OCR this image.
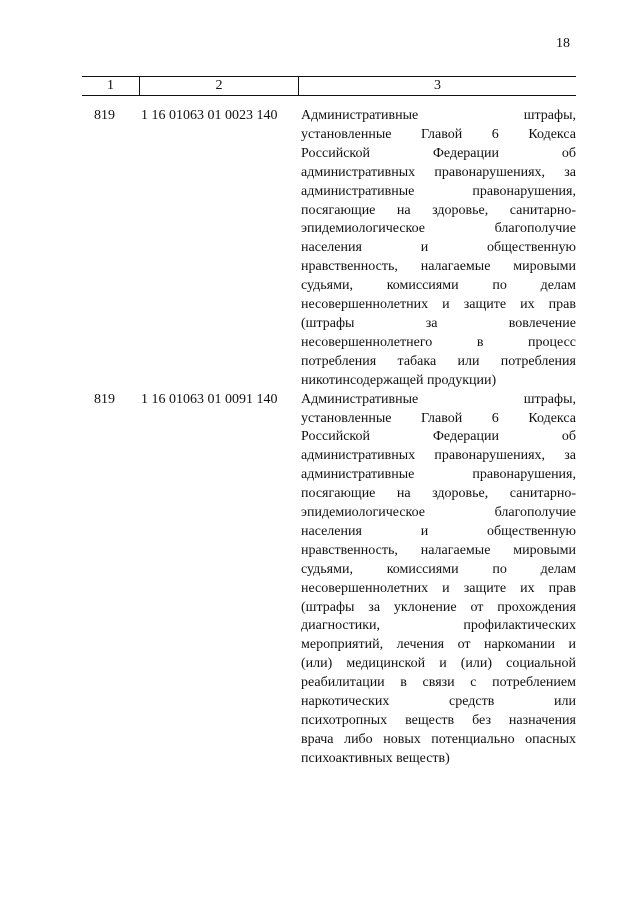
18
1	2	3
819	1 16 01063 01 0023 140	Административные штрафы,
установленные Главой 6 Кодекса
Российской Федерации об
административных правонарушениях, за
административные правонарушения,
посягающие на здоровье, санитарно-
эпидемиологическое благополучие
населения и общественную
нравственность, налагаемые мировыми
судьями, комиссиями по делам
несовершеннолетних и защите их прав
(штрафы за вовлечение
несовершеннолетнего в процесс
потребления табака или потребления
никотинсодержащей продукции)
819	1 16 01063 01 0091 140	Административные штрафы,
установленные Главой 6 Кодекса
Российской Федерации об
административных правонарушениях, за
административные правонарушения,
посягающие на здоровье, санитарно-
эпидемиологическое благополучие
населения и общественную
нравственность, налагаемые мировыми
судьями, комиссиями по делам
несовершеннолетних и защите их прав
(штрафы за уклонение от прохождения
диагностики, профилактических
мероприятий, лечения от наркомании и
(или) медицинской и (или) социальной
реабилитации в связи с потреблением
наркотических средств или
психотропных веществ без назначения
врача либо новых потенциально опасных
психоактивных веществ)
